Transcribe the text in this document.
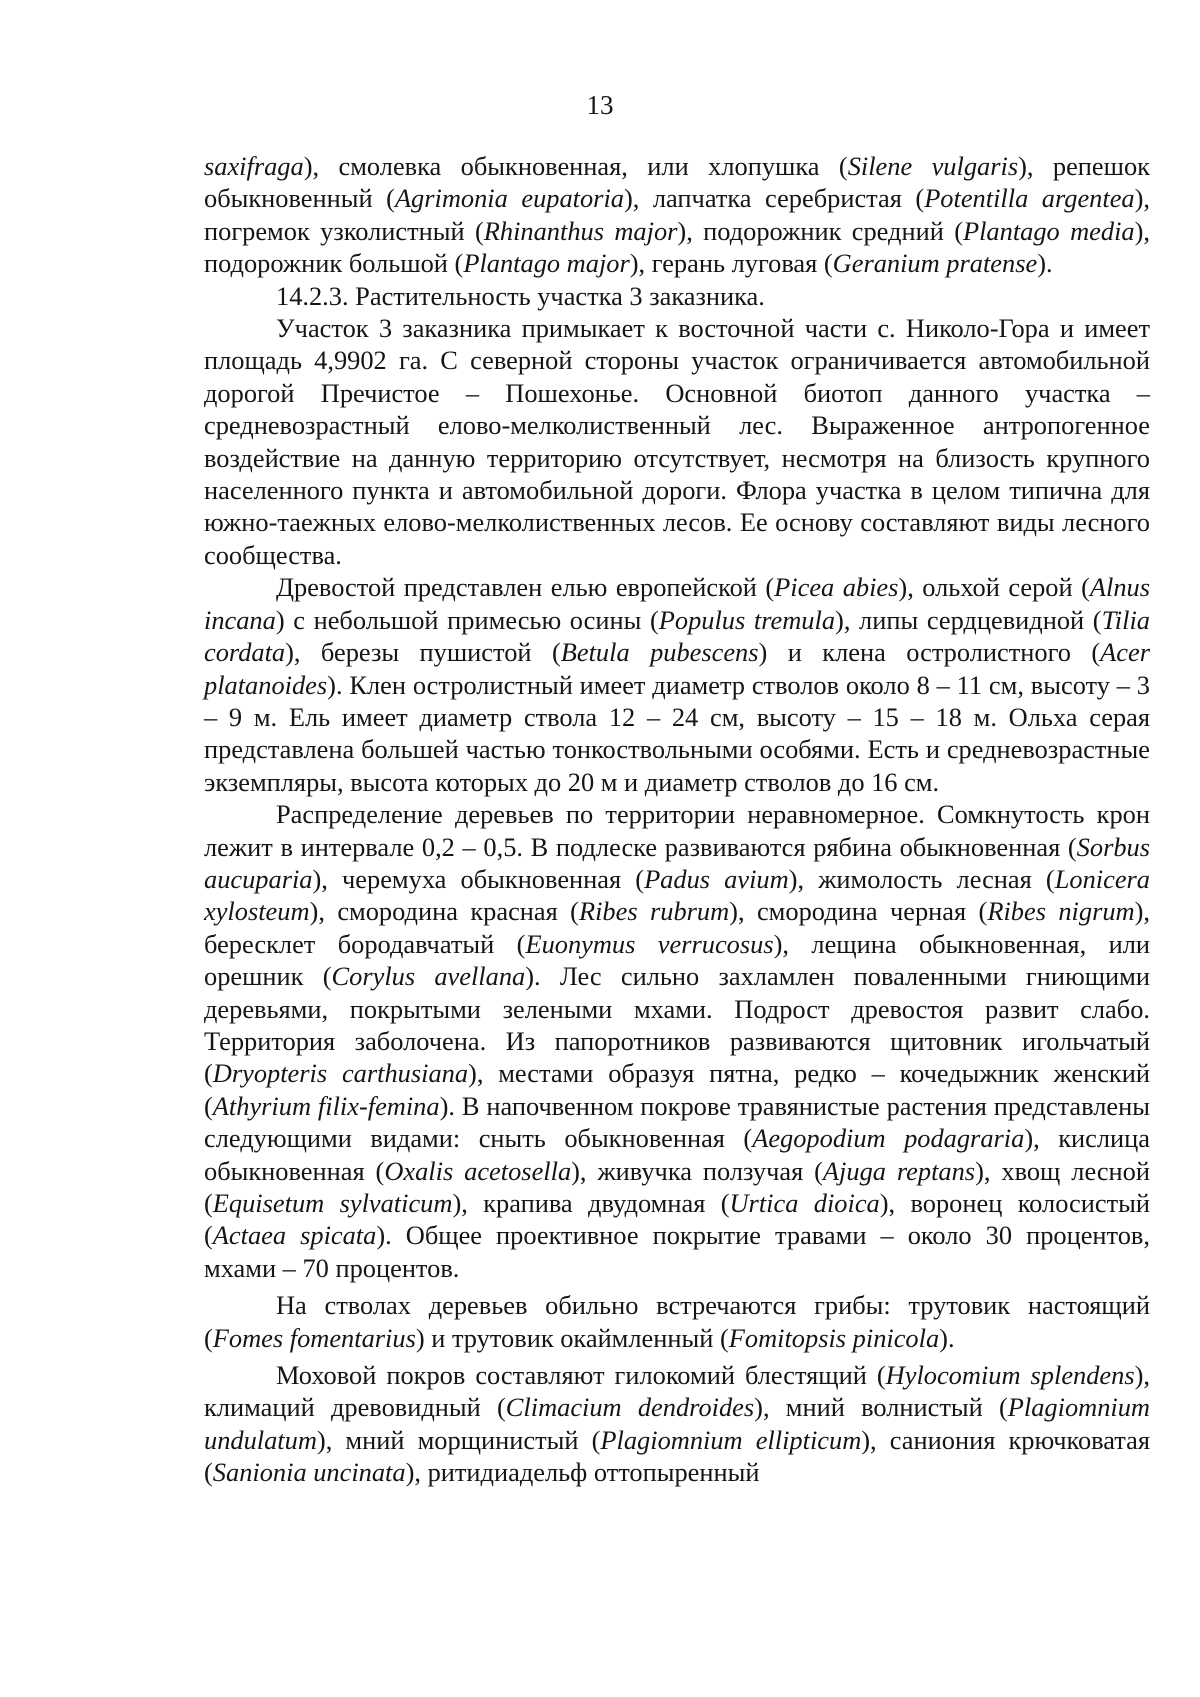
13

saxifraga), смолевка обыкновенная, или хлопушка (Silene vulgaris), репешок обыкновенный (Agrimonia eupatoria), лапчатка серебристая (Potentilla argentea), погремок узколистный (Rhinanthus major), подорожник средний (Plantago media), подорожник большой (Plantago major), герань луговая (Geranium pratense).

14.2.3. Растительность участка 3 заказника.

Участок 3 заказника примыкает к восточной части с. Николо-Гора и имеет площадь 4,9902 га. С северной стороны участок ограничивается автомобильной дорогой Пречистое – Пошехонье. Основной биотоп данного участка – средневозрастный елово-мелколиственный лес. Выраженное антропогенное воздействие на данную территорию отсутствует, несмотря на близость крупного населенного пункта и автомобильной дороги. Флора участка в целом типична для южно-таежных елово-мелколиственных лесов. Ее основу составляют виды лесного сообщества.

Древостой представлен елью европейской (Picea abies), ольхой серой (Alnus incana) с небольшой примесью осины (Populus tremula), липы сердцевидной (Tilia cordata), березы пушистой (Betula pubescens) и клена остролистного (Acer platanoides). Клен остролистный имеет диаметр стволов около 8 – 11 см, высоту – 3 – 9 м. Ель имеет диаметр ствола 12 – 24 см, высоту – 15 – 18 м. Ольха серая представлена большей частью тонкоствольными особями. Есть и средневозрастные экземпляры, высота которых до 20 м и диаметр стволов до 16 см.

Распределение деревьев по территории неравномерное. Сомкнутость крон лежит в интервале 0,2 – 0,5. В подлеске развиваются рябина обыкновенная (Sorbus aucuparia), черемуха обыкновенная (Padus avium), жимолость лесная (Lonicera xylosteum), смородина красная (Ribes rubrum), смородина черная (Ribes nigrum), бересклет бородавчатый (Euonymus verrucosus), лещина обыкновенная, или орешник (Corylus avellana). Лес сильно захламлен поваленными гниющими деревьями, покрытыми зелеными мхами. Подрост древостоя развит слабо. Территория заболочена. Из папоротников развиваются щитовник игольчатый (Dryopteris carthusiana), местами образуя пятна, редко – кочедыжник женский (Athyrium filix-femina). В напочвенном покрове травянистые растения представлены следующими видами: сныть обыкновенная (Aegopodium podagraria), кислица обыкновенная (Oxalis acetosella), живучка ползучая (Ajuga reptans), хвощ лесной (Equisetum sylvaticum), крапива двудомная (Urtica dioica), воронец колосистый (Actaea spicata). Общее проективное покрытие травами – около 30 процентов, мхами – 70 процентов.

На стволах деревьев обильно встречаются грибы: трутовик настоящий (Fomes fomentarius) и трутовик окаймленный (Fomitopsis pinicola).

Моховой покров составляют гилокомий блестящий (Hylocomium splendens), климаций древовидный (Climacium dendroides), мний волнистый (Plagiomnium undulatum), мний морщинистый (Plagiomnium ellipticum), саниония крючковатая (Sanionia uncinata), ритидиадельф оттопыренный
